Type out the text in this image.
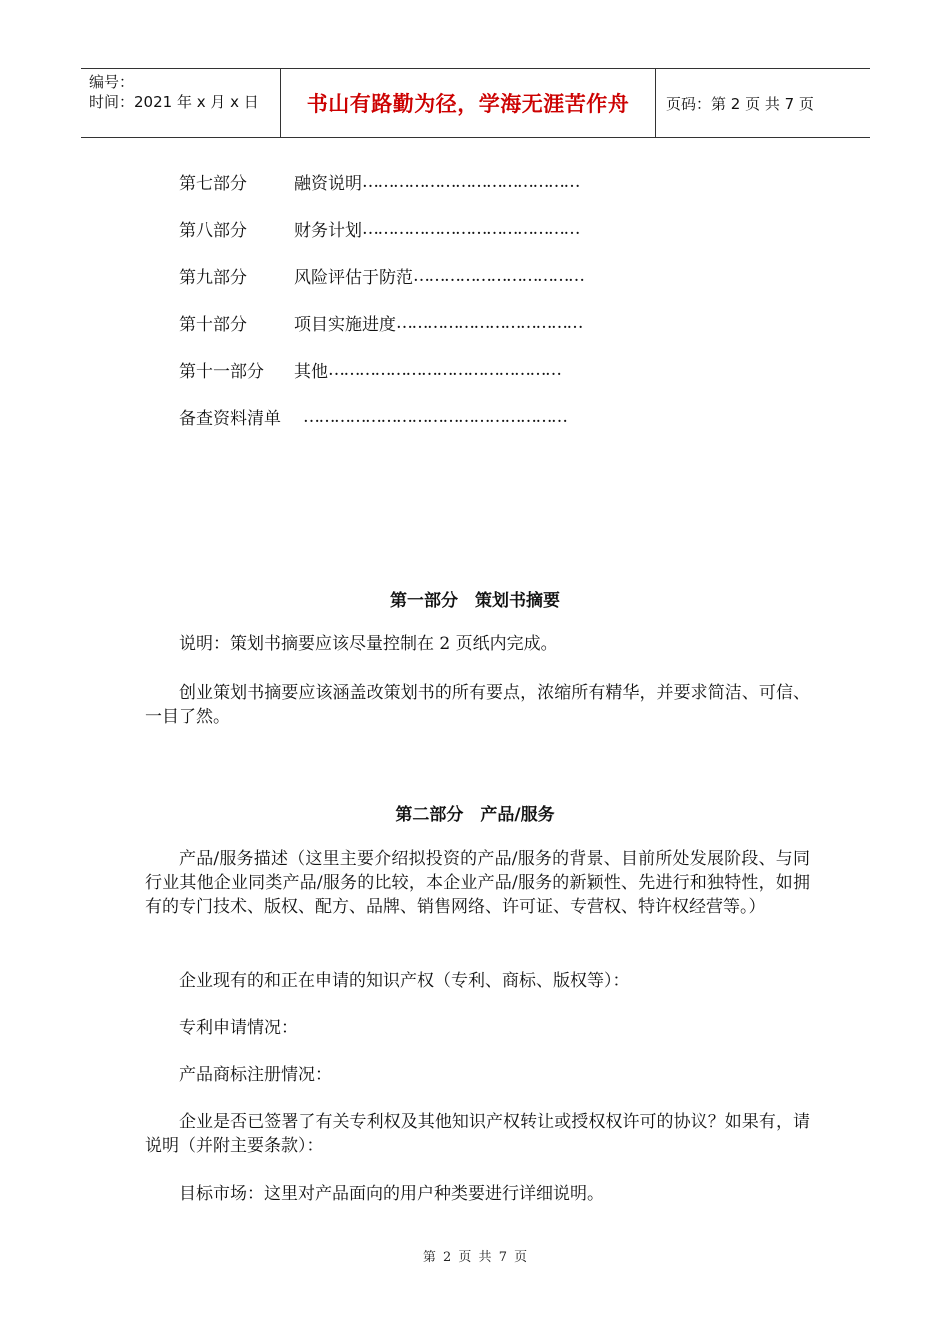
编号：
时间：2021 年 x 月 x 日	书山有路勤为径，学海无涯苦作舟	页码：第 2 页 共 7 页
第七部分	融资说明 ……………………………………
第八部分	财务计划 ……………………………………
第九部分	风险评估于防范 ……………………………
第十部分	项目实施进度 ………………………………
第十一部分	其他 ………………………………………
备查资料清单	……………………………………………
第一部分　策划书摘要

说明：策划书摘要应该尽量控制在 2 页纸内完成。

创业策划书摘要应该涵盖改策划书的所有要点，浓缩所有精华，并要求简洁、可信、一目了然。

第二部分　产品/服务

产品/服务描述（这里主要介绍拟投资的产品/服务的背景、目前所处发展阶段、与同行业其他企业同类产品/服务的比较，本企业产品/服务的新颖性、先进行和独特性，如拥有的专门技术、版权、配方、品牌、销售网络、许可证、专营权、特许权经营等。）

企业现有的和正在申请的知识产权（专利、商标、版权等）：

专利申请情况：

产品商标注册情况：

企业是否已签署了有关专利权及其他知识产权转让或授权权许可的协议？如果有，请说明（并附主要条款）：

目标市场：这里对产品面向的用户种类要进行详细说明。

第 2 页 共 7 页
